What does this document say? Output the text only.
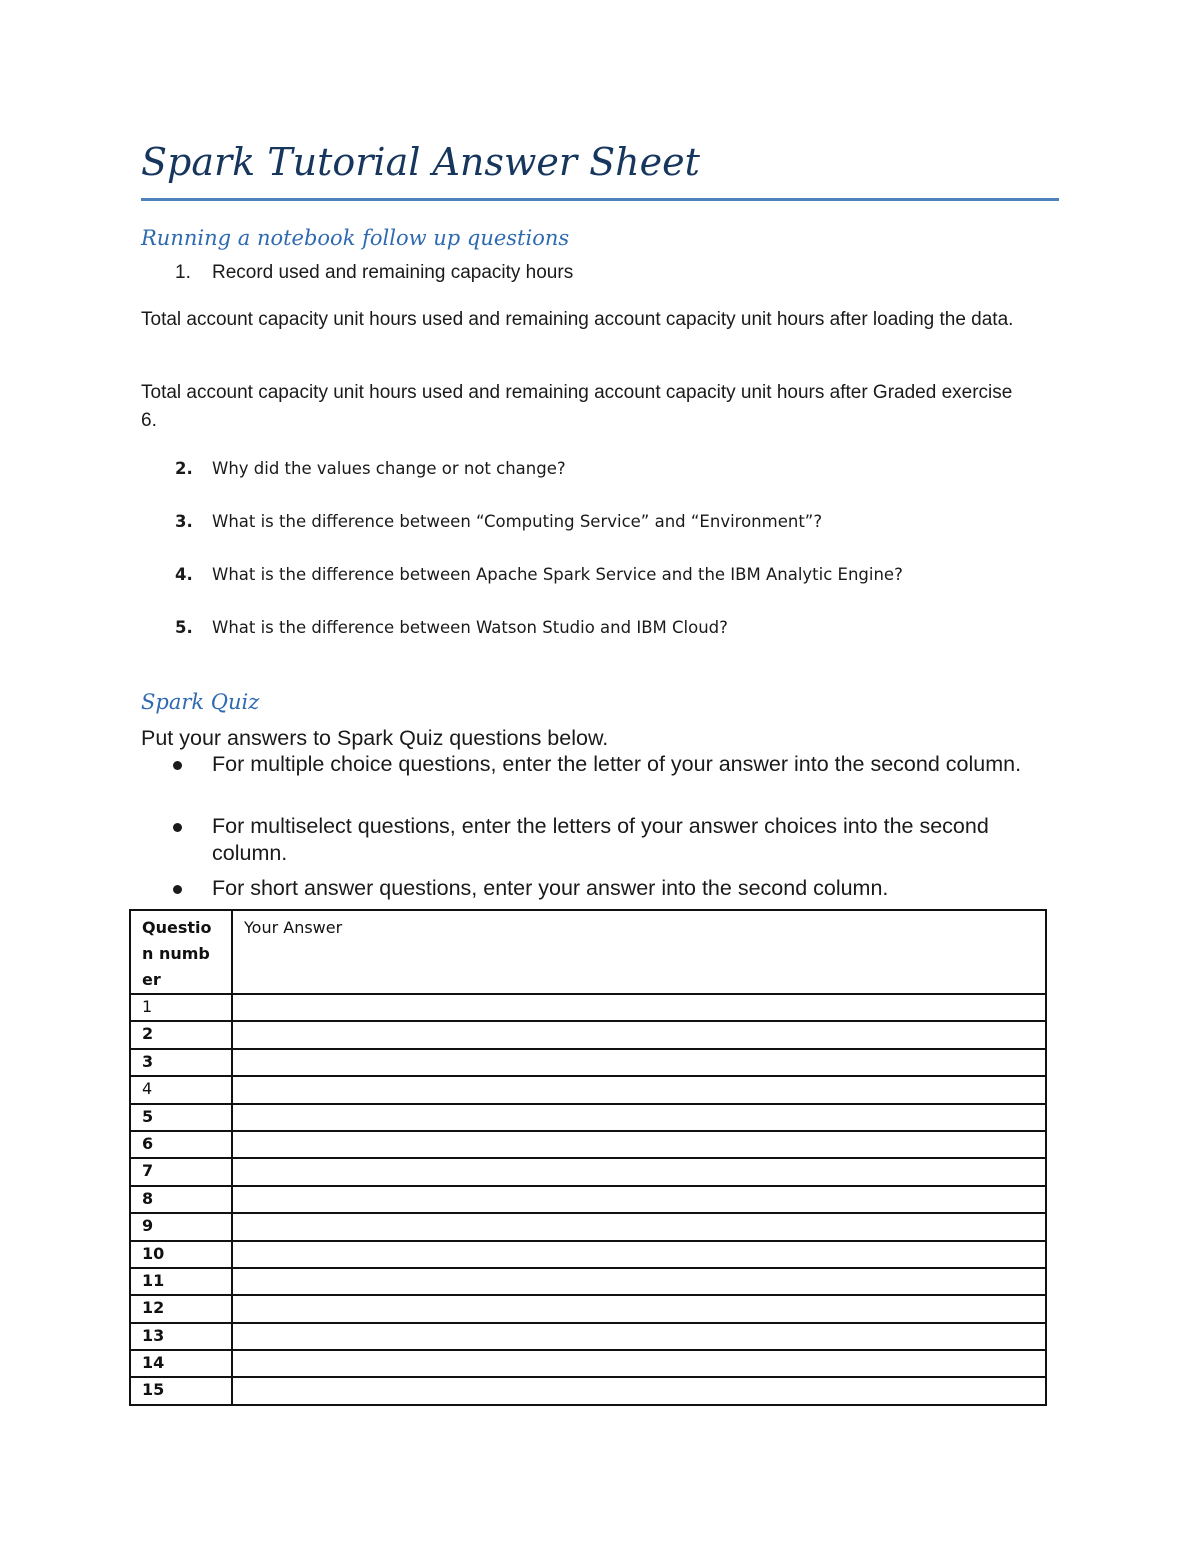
Spark Tutorial Answer Sheet
Running a notebook follow up questions

1. Record used and remaining capacity hours

Total account capacity unit hours used and remaining account capacity unit hours after loading the data.

Total account capacity unit hours used and remaining account capacity unit hours after Graded exercise 6.

2. Why did the values change or not change?

3. What is the difference between “Computing Service” and “Environment”?

4. What is the difference between Apache Spark Service and the IBM Analytic Engine?

5. What is the difference between Watson Studio and IBM Cloud?

Spark Quiz

Put your answers to Spark Quiz questions below.

For multiple choice questions, enter the letter of your answer into the second column.
For multiselect questions, enter the letters of your answer choices into the second column.
For short answer questions, enter your answer into the second column.
Question number	Your Answer
1	
2	
3	
4	
5	
6	
7	
8	
9	
10	
11	
12	
13	
14	
15	
